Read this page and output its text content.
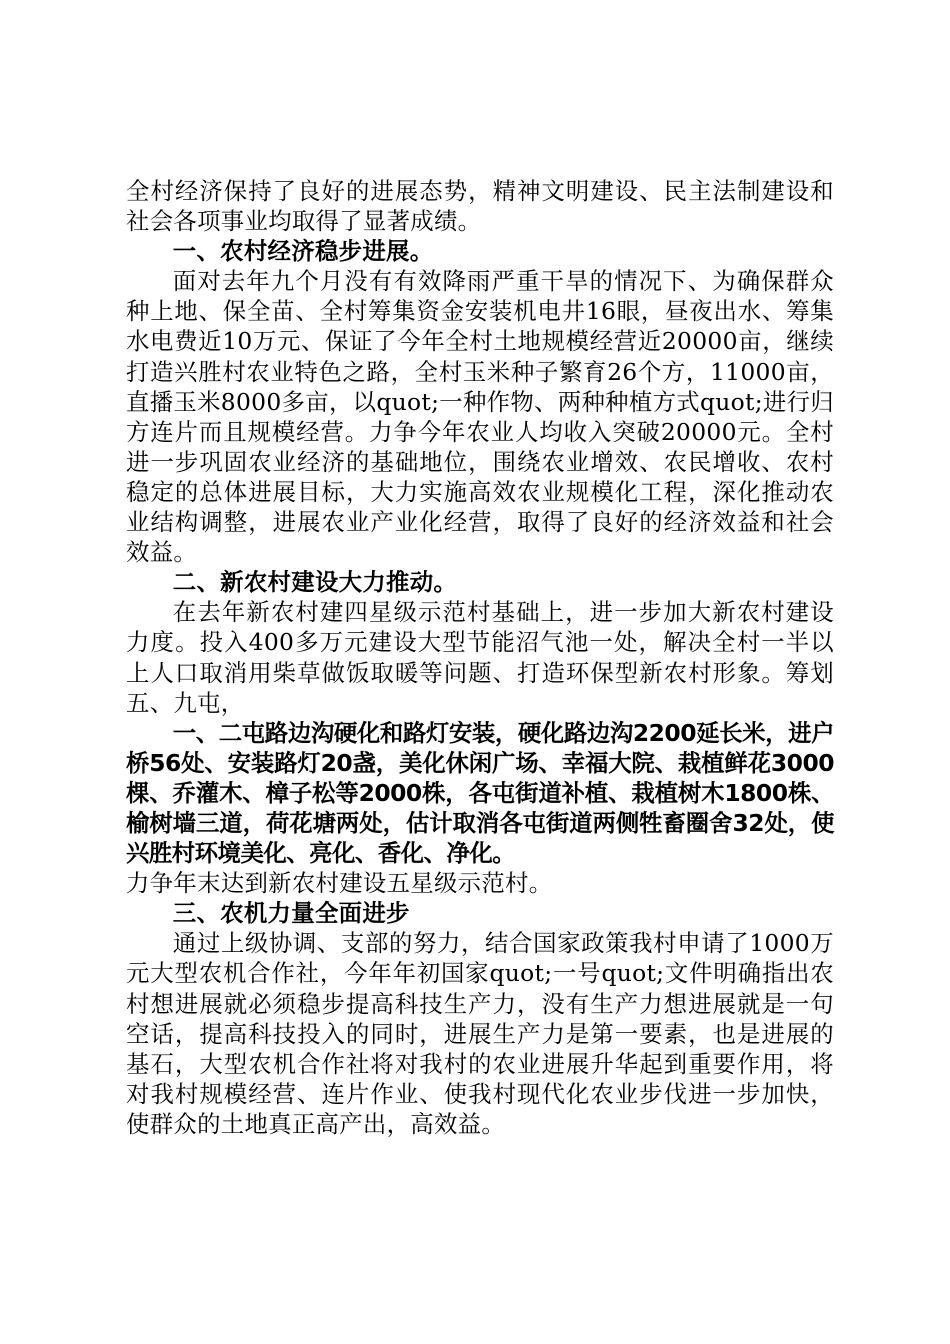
全村经济保持了良好的进展态势，精神文明建设、民主法制建设和社会各项事业均取得了显著成绩。

一、农村经济稳步进展。

面对去年九个月没有有效降雨严重干旱的情况下、为确保群众种上地、保全苗、全村筹集资金安装机电井16眼，昼夜出水、筹集水电费近10万元、保证了今年全村土地规模经营近20000亩，继续打造兴胜村农业特色之路，全村玉米种子繁育26个方，11000亩，直播玉米8000多亩，以quot;一种作物、两种种植方式quot;进行归方连片而且规模经营。力争今年农业人均收入突破20000元。全村进一步巩固农业经济的基础地位，围绕农业增效、农民增收、农村稳定的总体进展目标，大力实施高效农业规模化工程，深化推动农业结构调整，进展农业产业化经营，取得了良好的经济效益和社会效益。

二、新农村建设大力推动。

在去年新农村建四星级示范村基础上，进一步加大新农村建设力度。投入400多万元建设大型节能沼气池一处，解决全村一半以上人口取消用柴草做饭取暖等问题、打造环保型新农村形象。筹划五、九屯，

一、二屯路边沟硬化和路灯安装，硬化路边沟2200延长米，进户桥56处、安装路灯20盏，美化休闲广场、幸福大院、栽植鲜花3000棵、乔灌木、樟子松等2000株，各屯街道补植、栽植树木1800株、榆树墙三道，荷花塘两处，估计取消各屯街道两侧牲畜圈舍32处，使兴胜村环境美化、亮化、香化、净化。

力争年末达到新农村建设五星级示范村。

三、农机力量全面进步

通过上级协调、支部的努力，结合国家政策我村申请了1000万元大型农机合作社，今年年初国家quot;一号quot;文件明确指出农村想进展就必须稳步提高科技生产力，没有生产力想进展就是一句空话，提高科技投入的同时，进展生产力是第一要素，也是进展的基石，大型农机合作社将对我村的农业进展升华起到重要作用，将对我村规模经营、连片作业、使我村现代化农业步伐进一步加快，使群众的土地真正高产出，高效益。
